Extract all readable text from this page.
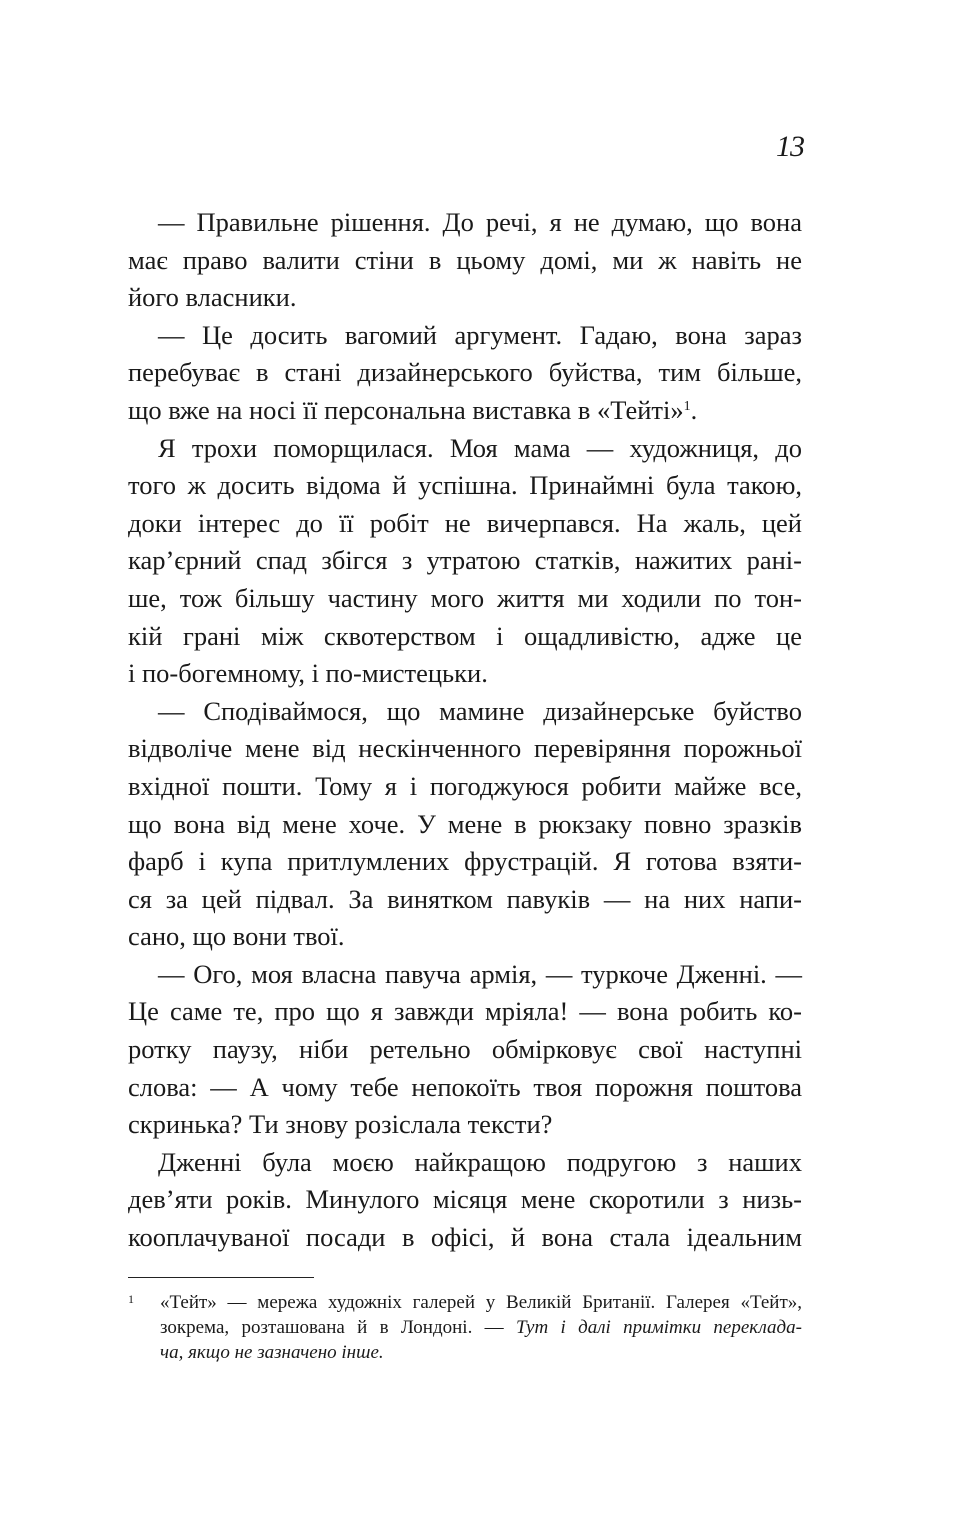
13
— Правильне рішення. До речі, я не думаю, що вона
має право валити стіни в цьому домі, ми ж навіть не
його власники.
— Це досить вагомий аргумент. Гадаю, вона зараз
перебуває в стані дизайнерського буйства, тим більше,
що вже на носі її персональна виставка в «Тейті»$^1$.
Я трохи поморщилася. Моя мама — художниця, до
того ж досить відома й успішна. Принаймні була такою,
доки інтерес до її робіт не вичерпався. На жаль, цей
кар’єрний спад збігся з утратою статків, нажитих рані-
ше, тож більшу частину мого життя ми ходили по тон-
кій грані між сквотерством і ощадливістю, адже це
і по-богемному, і по-мистецьки.
— Сподіваймося, що мамине дизайнерське буйство
відволіче мене від нескінченного перевіряння порожньої
вхідної пошти. Тому я і погоджуюся робити майже все,
що вона від мене хоче. У мене в рюкзаку повно зразків
фарб і купа притлумлених фрустрацій. Я готова взяти-
ся за цей підвал. За винятком павуків — на них напи-
сано, що вони твої.
— Ого, моя власна павуча армія, — туркоче Дженні. —
Це саме те, про що я завжди мріяла! — вона робить ко-
ротку паузу, ніби ретельно обмірковує свої наступні
слова: — А чому тебе непокоїть твоя порожня поштова
скринька? Ти знову розіслала тексти?
Дженні була моєю найкращою подругою з наших
дев’яти років. Минулого місяця мене скоротили з низь-
кооплачуваної посади в офісі, й вона стала ідеальним
1 «Тейт» — мережа художніх галерей у Великій Британії. Галерея «Тейт»,
зокрема, розташована й в Лондоні. — Тут і далі примітки переклада-
ча, якщо не зазначено інше.
